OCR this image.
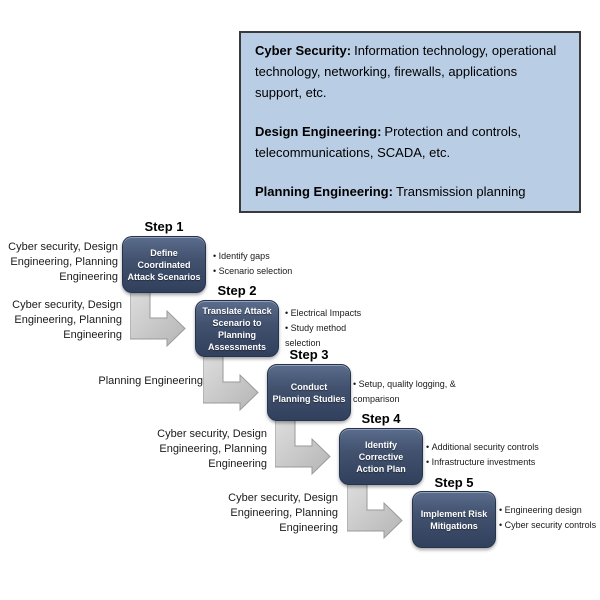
Cyber Security: Information technology, operational technology, networking, firewalls, applications support, etc.

Design Engineering: Protection and controls, telecommunications, SCADA, etc.

Planning Engineering: Transmission planning

Step 1
Define
Coordinated
Attack Scenarios
Cyber security, Design
Engineering, Planning
Engineering
• Identify gaps
• Scenario selection
Step 2
Translate Attack
Scenario to
Planning
Assessments
Cyber security, Design
Engineering, Planning
Engineering
• Electrical Impacts
• Study method selection
Step 3
Conduct
Planning Studies
Planning Engineering	• Setup, quality logging, & comparison
Step 4
Identify
Corrective
Action Plan
Cyber security, Design
Engineering, Planning
Engineering
• Additional security controls
• Infrastructure investments
Step 5
Implement Risk
Mitigations
Cyber security, Design
Engineering, Planning
Engineering
• Engineering design
• Cyber security controls
